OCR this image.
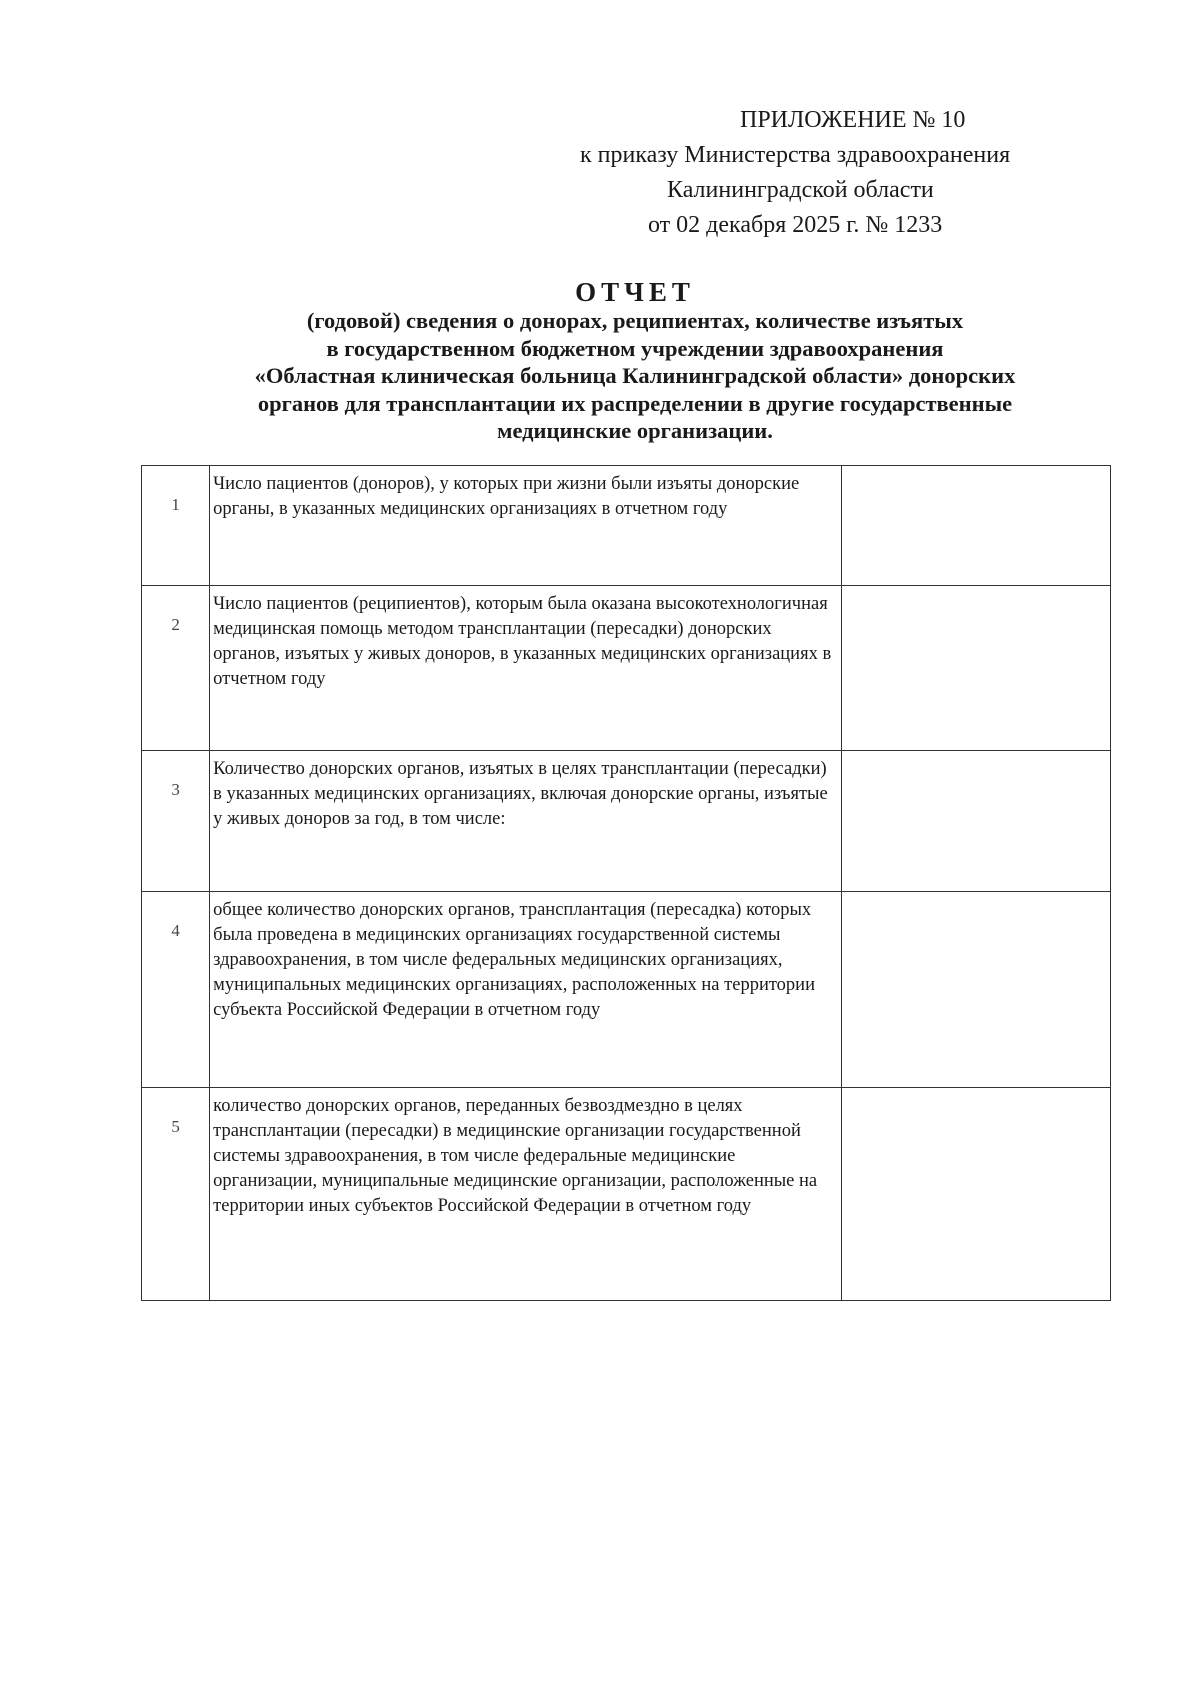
ПРИЛОЖЕНИЕ № 10
к приказу Министерства здравоохранения
Калининградской области
от 02 декабря 2025 г. № 1233
ОТЧЕТ
(годовой) сведения о донорах, реципиентах, количестве изъятых
в государственном бюджетном учреждении здравоохранения
«Областная клиническая больница Калининградской области» донорских
органов для трансплантации их распределении в другие государственные
медицинские организации.
1	Число пациентов (доноров), у которых при жизни были изъяты донорские органы, в указанных медицинских организациях в отчетном году	
2	Число пациентов (реципиентов), которым была оказана высокотехнологичная медицинская помощь методом трансплантации (пересадки) донорских органов, изъятых у живых доноров, в указанных медицинских организациях в отчетном году	
3	Количество донорских органов, изъятых в целях трансплантации (пересадки) в указанных медицинских организациях, включая донорские органы, изъятые у живых доноров за год, в том числе:	
4	общее количество донорских органов, трансплантация (пересадка) которых была проведена в медицинских организациях государственной системы здравоохранения, в том числе федеральных медицинских организациях, муниципальных медицинских организациях, расположенных на территории субъекта Российской Федерации в отчетном году	
5	количество донорских органов, переданных безвоздмездно в целях трансплантации (пересадки) в медицинские организации государственной системы здравоохранения, в том числе федеральные медицинские организации, муниципальные медицинские организации, расположенные на территории иных субъектов Российской Федерации в отчетном году	
